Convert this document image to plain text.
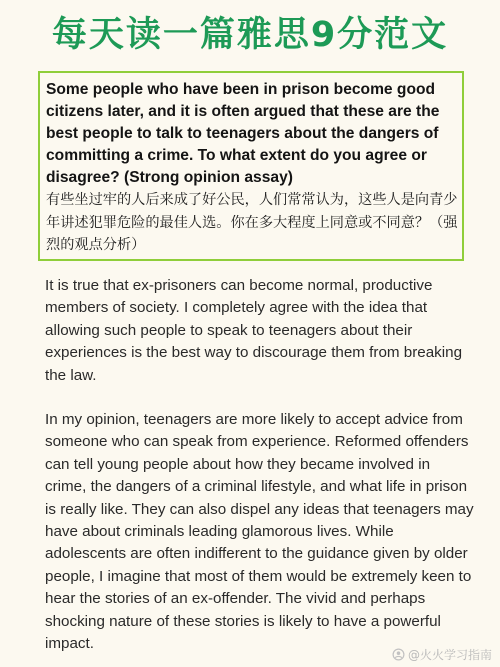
每天读一篇雅思9分范文

Some people who have been in prison become good citizens later, and it is often argued that these are the best people to talk to teenagers about the dangers of committing a crime. To what extent do you agree or disagree? (Strong opinion assay)

有些坐过牢的人后来成了好公民，人们常常认为，这些人是向青少年讲述犯罪危险的最佳人选。你在多大程度上同意或不同意？（强烈的观点分析）

It is true that ex-prisoners can become normal, productive members of society. I completely agree with the idea that allowing such people to speak to teenagers about their experiences is the best way to discourage them from breaking the law.

In my opinion, teenagers are more likely to accept advice from someone who can speak from experience. Reformed offenders can tell young people about how they became involved in crime, the dangers of a criminal lifestyle, and what life in prison is really like. They can also dispel any ideas that teenagers may have about criminals leading glamorous lives. While adolescents are often indifferent to the guidance given by older people, I imagine that most of them would be extremely keen to hear the stories of an ex-offender. The vivid and perhaps shocking nature of these stories is likely to have a powerful impact.

@火火学习指南
